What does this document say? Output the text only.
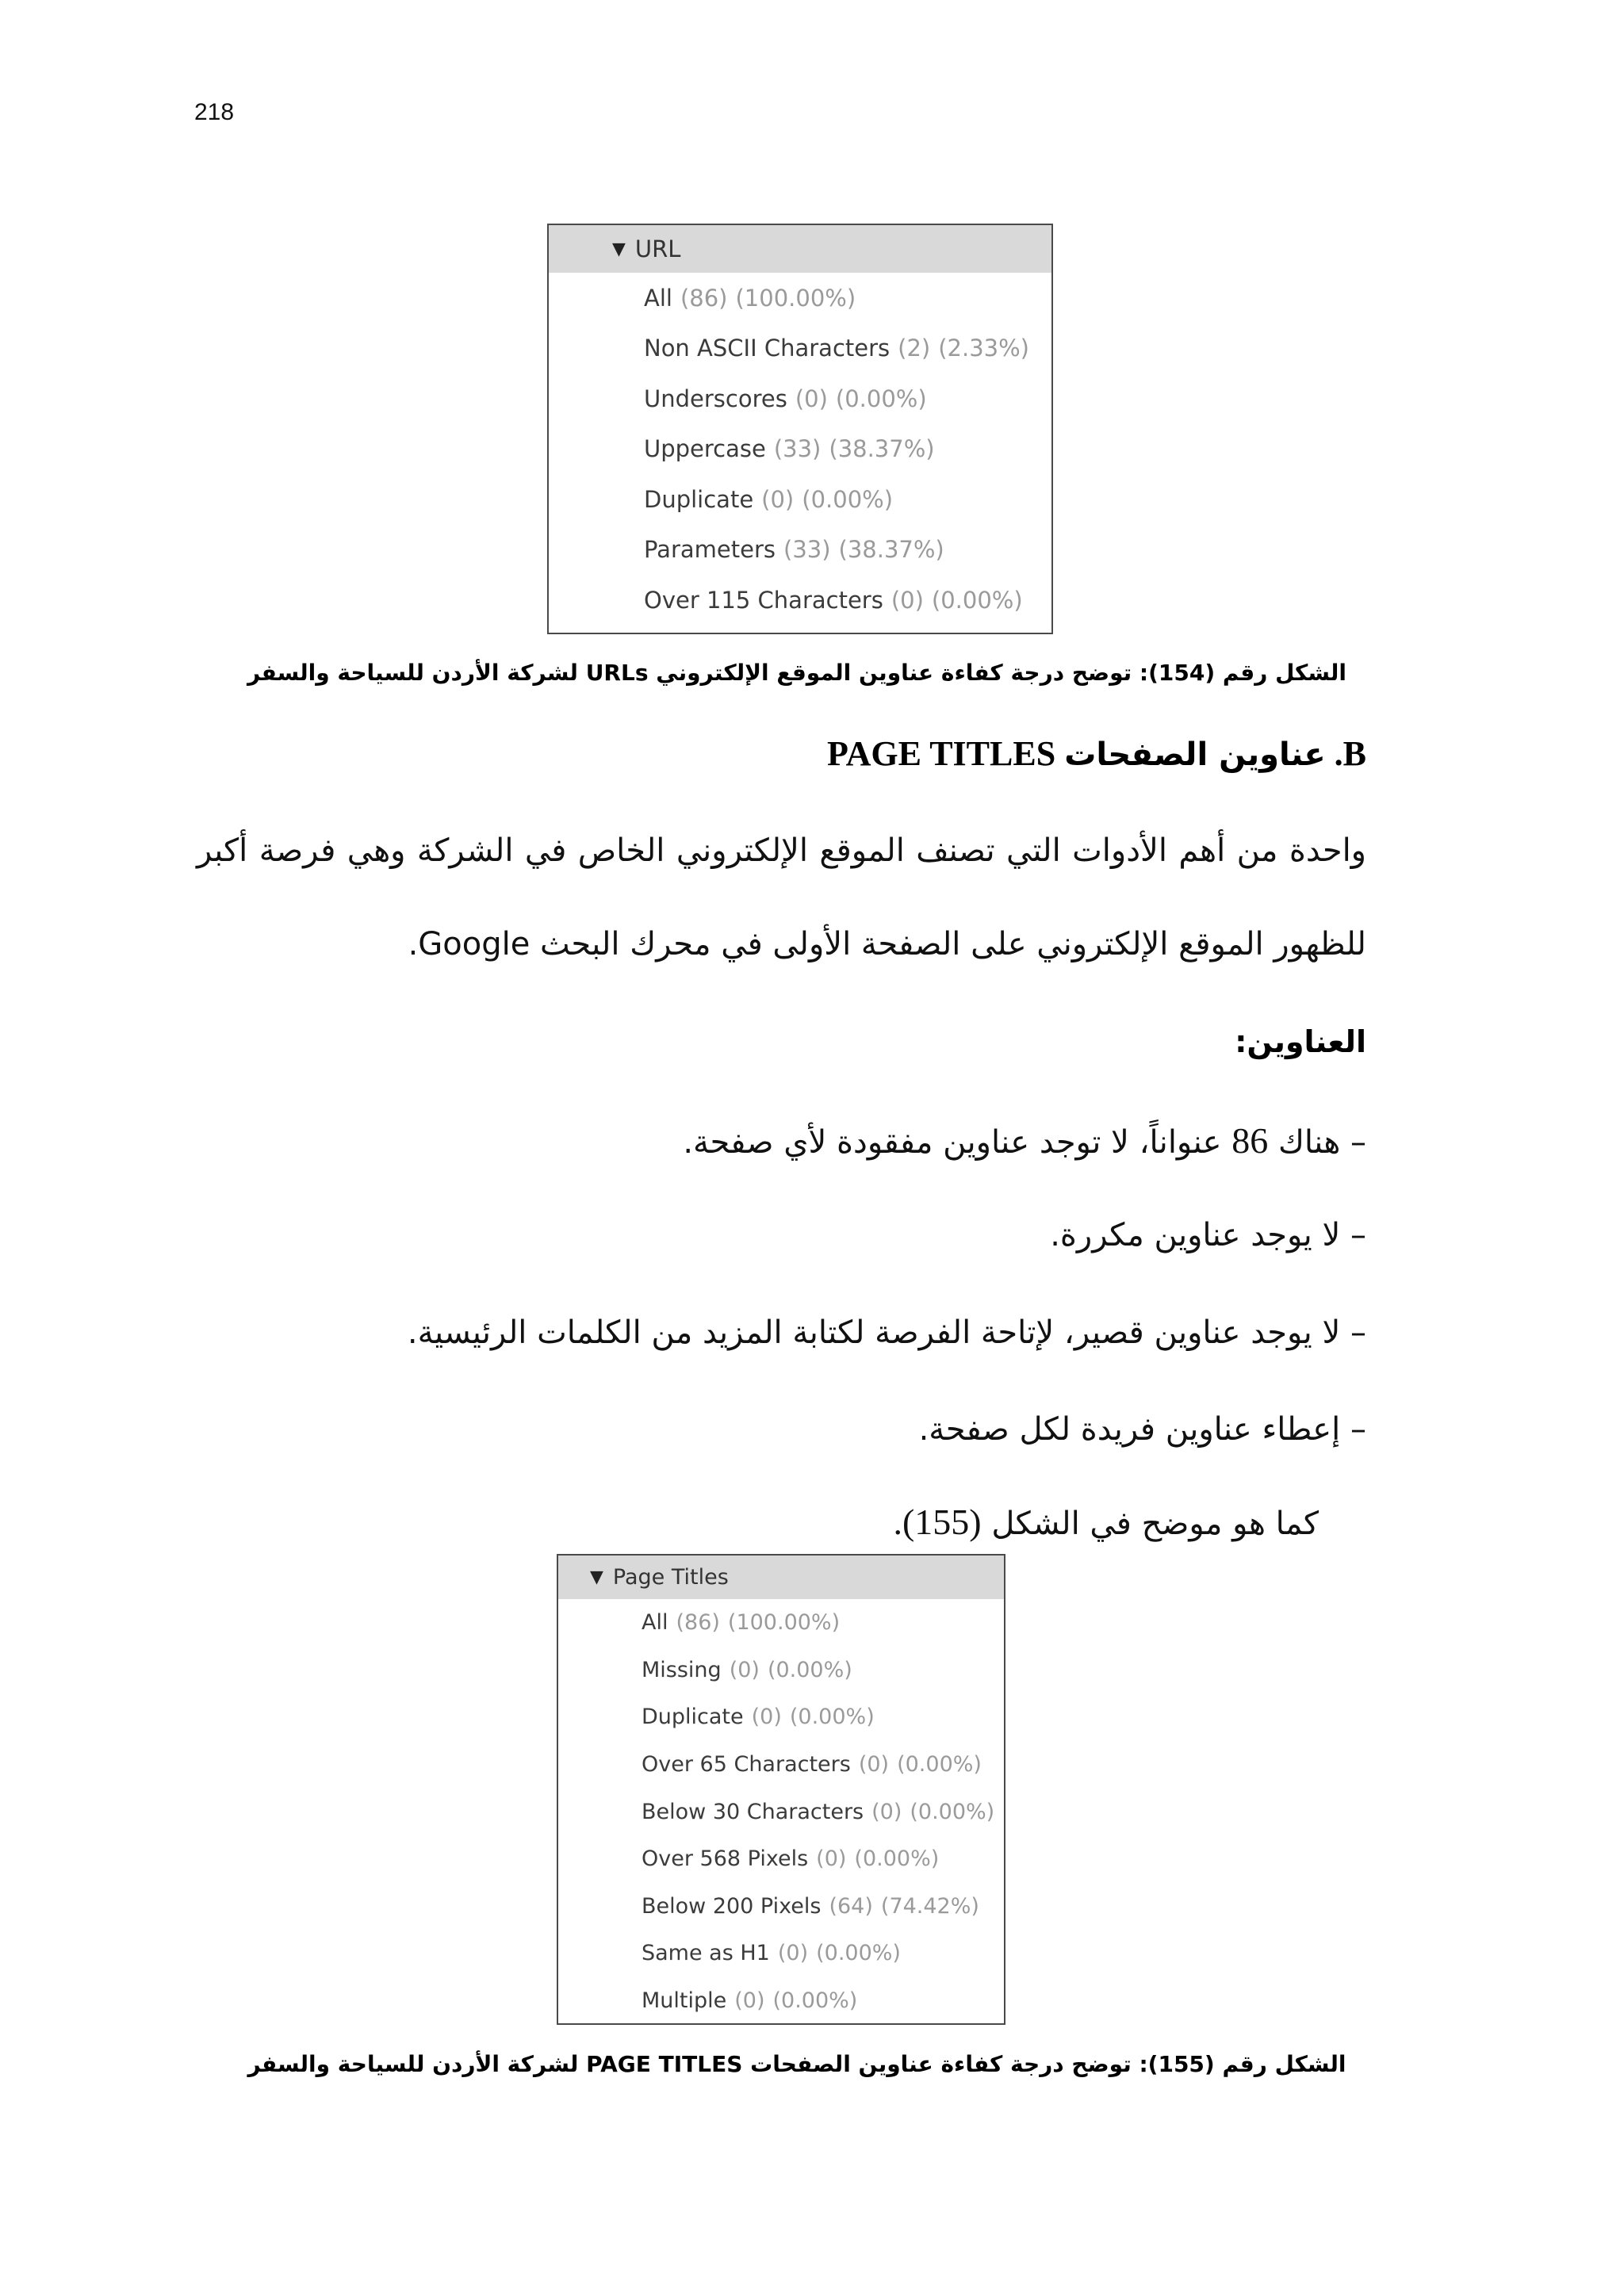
218
▼ URL
All (86) (100.00%)
Non ASCII Characters (2) (2.33%)
Underscores (0) (0.00%)
Uppercase (33) (38.37%)
Duplicate (0) (0.00%)
Parameters (33) (38.37%)
Over 115 Characters (0) (0.00%)
الشكل رقم (154): توضح درجة كفاءة عناوين الموقع الإلكتروني URLs لشركة الأردن للسياحة والسفر
B. عناوين الصفحات PAGE TITLES
واحدة من أهم الأدوات التي تصنف الموقع الإلكتروني الخاص في الشركة وهي فرصة أكبر
للظهور الموقع الإلكتروني على الصفحة الأولى في محرك البحث Google.
العناوين:
– هناك 86 عنواناً، لا توجد عناوين مفقودة لأي صفحة.
– لا يوجد عناوين مكررة.
– لا يوجد عناوين قصير، لإتاحة الفرصة لكتابة المزيد من الكلمات الرئيسية.
– إعطاء عناوين فريدة لكل صفحة.
كما هو موضح في الشكل (155).
▼ Page Titles
All (86) (100.00%)
Missing (0) (0.00%)
Duplicate (0) (0.00%)
Over 65 Characters (0) (0.00%)
Below 30 Characters (0) (0.00%)
Over 568 Pixels (0) (0.00%)
Below 200 Pixels (64) (74.42%)
Same as H1 (0) (0.00%)
Multiple (0) (0.00%)
الشكل رقم (155): توضح درجة كفاءة عناوين الصفحات PAGE TITLES لشركة الأردن للسياحة والسفر
